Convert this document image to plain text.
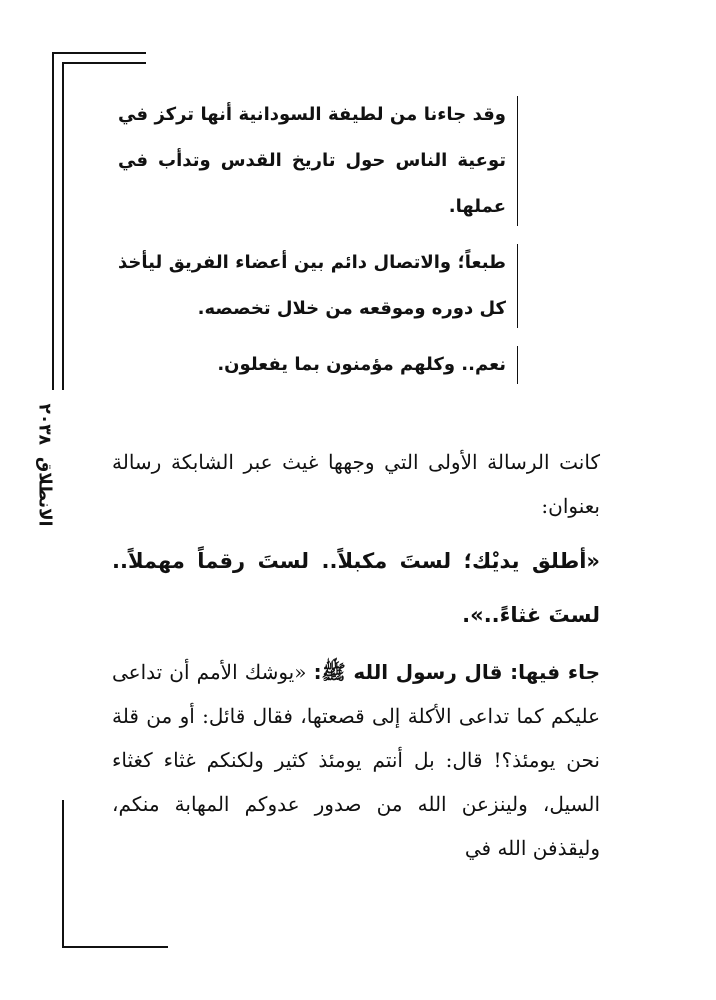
الانطلاق ٢٠٣٨

وقد جاءنا من لطيفة السودانية أنها تركز في توعية الناس حول تاريخ القدس وتدأب في عملها.

طبعاً؛ والاتصال دائم بين أعضاء الفريق ليأخذ كل دوره وموقعه من خلال تخصصه.

نعم.. وكلهم مؤمنون بما يفعلون.

كانت الرسالة الأولى التي وجهها غيث عبر الشابكة رسالة بعنوان:

«أطلق يديْك؛ لستَ مكبلاً.. لستَ رقماً مهملاً.. لستَ غثاءً..».

جاء فيها: قال رسول الله ﷺ: «يوشك الأمم أن تداعى عليكم كما تداعى الأكلة إلى قصعتها، فقال قائل: أو من قلة نحن يومئذ؟! قال: بل أنتم يومئذ كثير ولكنكم غثاء كغثاء السيل، ولينزعن الله من صدور عدوكم المهابة منكم، وليقذفن الله في
